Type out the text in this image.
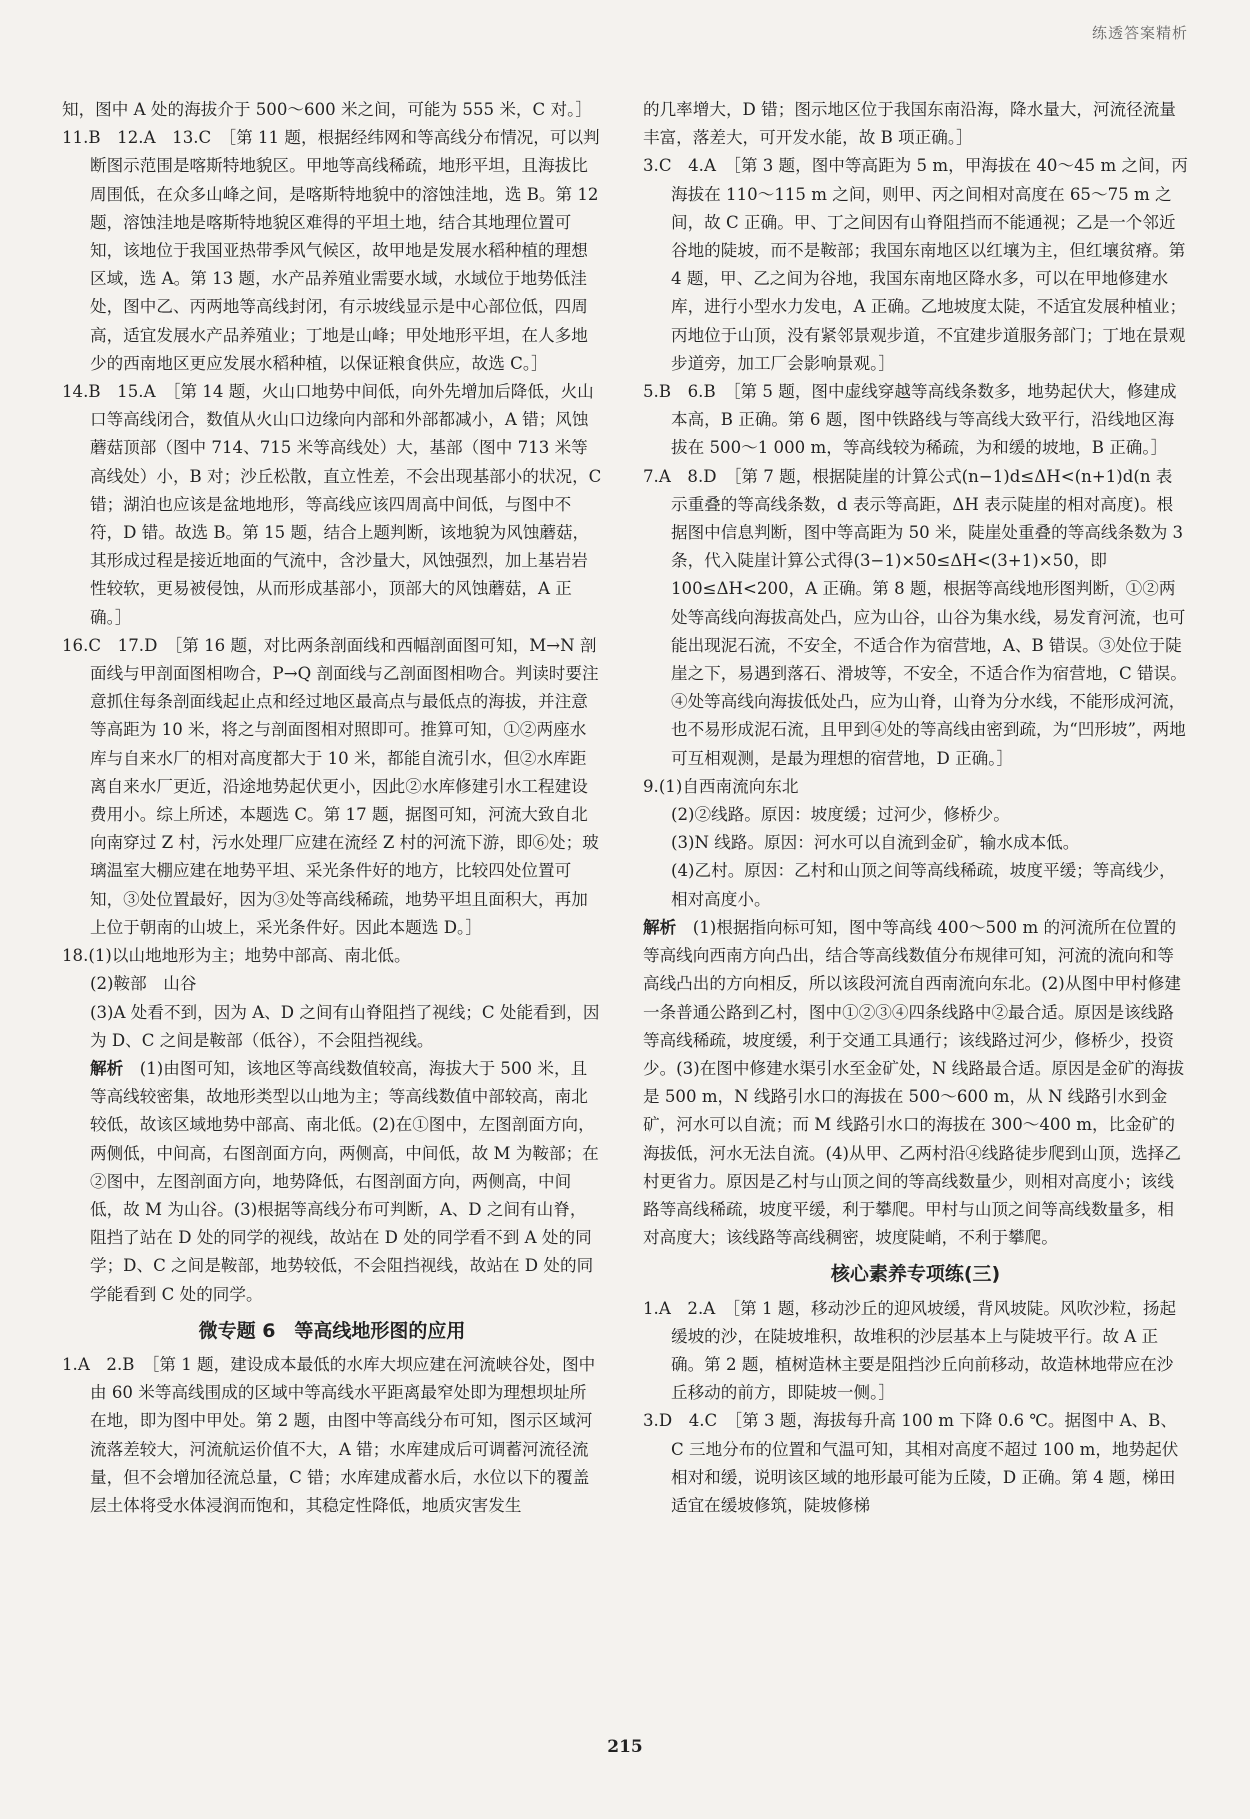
练透答案精析

知，图中 A 处的海拔介于 500～600 米之间，可能为 555 米，C 对。］

11.B　12.A　13.C　［第 11 题，根据经纬网和等高线分布情况，可以判断图示范围是喀斯特地貌区。甲地等高线稀疏，地形平坦，且海拔比周围低，在众多山峰之间，是喀斯特地貌中的溶蚀洼地，选 B。第 12 题，溶蚀洼地是喀斯特地貌区难得的平坦土地，结合其地理位置可知，该地位于我国亚热带季风气候区，故甲地是发展水稻种植的理想区域，选 A。第 13 题，水产品养殖业需要水域，水域位于地势低洼处，图中乙、丙两地等高线封闭，有示坡线显示是中心部位低，四周高，适宜发展水产品养殖业；丁地是山峰；甲处地形平坦，在人多地少的西南地区更应发展水稻种植，以保证粮食供应，故选 C。］

14.B　15.A　［第 14 题，火山口地势中间低，向外先增加后降低，火山口等高线闭合，数值从火山口边缘向内部和外部都减小，A 错；风蚀蘑菇顶部（图中 714、715 米等高线处）大，基部（图中 713 米等高线处）小，B 对；沙丘松散，直立性差，不会出现基部小的状况，C 错；湖泊也应该是盆地地形，等高线应该四周高中间低，与图中不符，D 错。故选 B。第 15 题，结合上题判断，该地貌为风蚀蘑菇，其形成过程是接近地面的气流中，含沙量大，风蚀强烈，加上基岩岩性较软，更易被侵蚀，从而形成基部小，顶部大的风蚀蘑菇，A 正确。］

16.C　17.D　［第 16 题，对比两条剖面线和西幅剖面图可知，M→N 剖面线与甲剖面图相吻合，P→Q 剖面线与乙剖面图相吻合。判读时要注意抓住每条剖面线起止点和经过地区最高点与最低点的海拔，并注意等高距为 10 米，将之与剖面图相对照即可。推算可知，①②两座水库与自来水厂的相对高度都大于 10 米，都能自流引水，但②水库距离自来水厂更近，沿途地势起伏更小，因此②水库修建引水工程建设费用小。综上所述，本题选 C。第 17 题，据图可知，河流大致自北向南穿过 Z 村，污水处理厂应建在流经 Z 村的河流下游，即⑥处；玻璃温室大棚应建在地势平坦、采光条件好的地方，比较四处位置可知，③处位置最好，因为③处等高线稀疏，地势平坦且面积大，再加上位于朝南的山坡上，采光条件好。因此本题选 D。］

18.(1)以山地地形为主；地势中部高、南北低。

(2)鞍部　山谷

(3)A 处看不到，因为 A、D 之间有山脊阻挡了视线；C 处能看到，因为 D、C 之间是鞍部（低谷），不会阻挡视线。

解析　(1)由图可知，该地区等高线数值较高，海拔大于 500 米，且等高线较密集，故地形类型以山地为主；等高线数值中部较高，南北较低，故该区域地势中部高、南北低。(2)在①图中，左图剖面方向，两侧低，中间高，右图剖面方向，两侧高，中间低，故 M 为鞍部；在②图中，左图剖面方向，地势降低，右图剖面方向，两侧高，中间低，故 M 为山谷。(3)根据等高线分布可判断，A、D 之间有山脊，阻挡了站在 D 处的同学的视线，故站在 D 处的同学看不到 A 处的同学；D、C 之间是鞍部，地势较低，不会阻挡视线，故站在 D 处的同学能看到 C 处的同学。

微专题 6　等高线地形图的应用

1.A　2.B　［第 1 题，建设成本最低的水库大坝应建在河流峡谷处，图中由 60 米等高线围成的区域中等高线水平距离最窄处即为理想坝址所在地，即为图中甲处。第 2 题，由图中等高线分布可知，图示区域河流落差较大，河流航运价值不大，A 错；水库建成后可调蓄河流径流量，但不会增加径流总量，C 错；水库建成蓄水后，水位以下的覆盖层土体将受水体浸润而饱和，其稳定性降低，地质灾害发生

的几率增大，D 错；图示地区位于我国东南沿海，降水量大，河流径流量丰富，落差大，可开发水能，故 B 项正确。］

3.C　4.A　［第 3 题，图中等高距为 5 m，甲海拔在 40～45 m 之间，丙海拔在 110～115 m 之间，则甲、丙之间相对高度在 65～75 m 之间，故 C 正确。甲、丁之间因有山脊阻挡而不能通视；乙是一个邻近谷地的陡坡，而不是鞍部；我国东南地区以红壤为主，但红壤贫瘠。第 4 题，甲、乙之间为谷地，我国东南地区降水多，可以在甲地修建水库，进行小型水力发电，A 正确。乙地坡度太陡，不适宜发展种植业；丙地位于山顶，没有紧邻景观步道，不宜建步道服务部门；丁地在景观步道旁，加工厂会影响景观。］

5.B　6.B　［第 5 题，图中虚线穿越等高线条数多，地势起伏大，修建成本高，B 正确。第 6 题，图中铁路线与等高线大致平行，沿线地区海拔在 500～1 000 m，等高线较为稀疏，为和缓的坡地，B 正确。］

7.A　8.D　［第 7 题，根据陡崖的计算公式(n−1)d≤ΔH<(n+1)d(n 表示重叠的等高线条数，d 表示等高距，ΔH 表示陡崖的相对高度)。根据图中信息判断，图中等高距为 50 米，陡崖处重叠的等高线条数为 3 条，代入陡崖计算公式得(3−1)×50≤ΔH<(3+1)×50，即 100≤ΔH<200，A 正确。第 8 题，根据等高线地形图判断，①②两处等高线向海拔高处凸，应为山谷，山谷为集水线，易发育河流，也可能出现泥石流，不安全，不适合作为宿营地，A、B 错误。③处位于陡崖之下，易遇到落石、滑坡等，不安全，不适合作为宿营地，C 错误。④处等高线向海拔低处凸，应为山脊，山脊为分水线，不能形成河流，也不易形成泥石流，且甲到④处的等高线由密到疏，为“凹形坡”，两地可互相观测，是最为理想的宿营地，D 正确。］

9.(1)自西南流向东北

(2)②线路。原因：坡度缓；过河少，修桥少。

(3)N 线路。原因：河水可以自流到金矿，输水成本低。

(4)乙村。原因：乙村和山顶之间等高线稀疏，坡度平缓；等高线少，相对高度小。

解析　(1)根据指向标可知，图中等高线 400～500 m 的河流所在位置的等高线向西南方向凸出，结合等高线数值分布规律可知，河流的流向和等高线凸出的方向相反，所以该段河流自西南流向东北。(2)从图中甲村修建一条普通公路到乙村，图中①②③④四条线路中②最合适。原因是该线路等高线稀疏，坡度缓，利于交通工具通行；该线路过河少，修桥少，投资少。(3)在图中修建水渠引水至金矿处，N 线路最合适。原因是金矿的海拔是 500 m，N 线路引水口的海拔在 500～600 m，从 N 线路引水到金矿，河水可以自流；而 M 线路引水口的海拔在 300～400 m，比金矿的海拔低，河水无法自流。(4)从甲、乙两村沿④线路徒步爬到山顶，选择乙村更省力。原因是乙村与山顶之间的等高线数量少，则相对高度小；该线路等高线稀疏，坡度平缓，利于攀爬。甲村与山顶之间等高线数量多，相对高度大；该线路等高线稠密，坡度陡峭，不利于攀爬。

核心素养专项练(三)

1.A　2.A　［第 1 题，移动沙丘的迎风坡缓，背风坡陡。风吹沙粒，扬起缓坡的沙，在陡坡堆积，故堆积的沙层基本上与陡坡平行。故 A 正确。第 2 题，植树造林主要是阻挡沙丘向前移动，故造林地带应在沙丘移动的前方，即陡坡一侧。］

3.D　4.C　［第 3 题，海拔每升高 100 m 下降 0.6 ℃。据图中 A、B、C 三地分布的位置和气温可知，其相对高度不超过 100 m，地势起伏相对和缓，说明该区域的地形最可能为丘陵，D 正确。第 4 题，梯田适宜在缓坡修筑，陡坡修梯

215
